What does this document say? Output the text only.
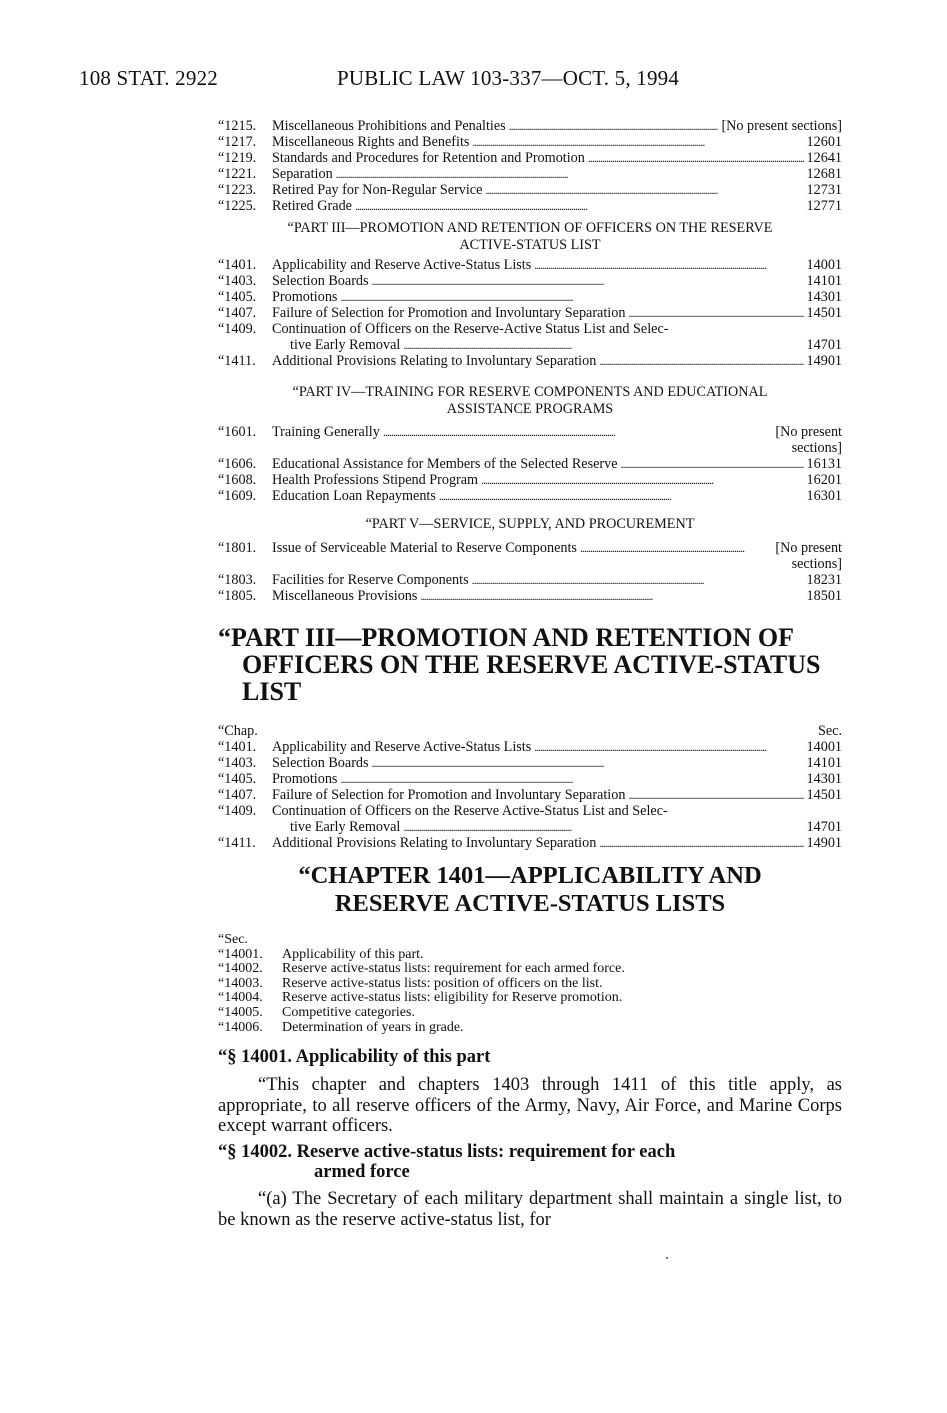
108 STAT. 2922	PUBLIC LAW 103-337—OCT. 5, 1994
“1215.	Miscellaneous Prohibitions and Penalties . . .	[No present sections]
“1217.	Miscellaneous Rights and Benefits . . .	12601
“1219.	Standards and Procedures for Retention and Promotion . . .	12641
“1221.	Separation . . .	12681
“1223.	Retired Pay for Non-Regular Service . . .	12731
“1225.	Retired Grade . . .	12771
“PART III—PROMOTION AND RETENTION OF OFFICERS ON THE RESERVE
ACTIVE-STATUS LIST
“1401.	Applicability and Reserve Active-Status Lists . . .	14001
“1403.	Selection Boards . . .	14101
“1405.	Promotions . . .	14301
“1407.	Failure of Selection for Promotion and Involuntary Separation . . .	14501
“1409.	Continuation of Officers on the Reserve-Active Status List and Selec-
tive Early Removal . . .	14701
“1411.	Additional Provisions Relating to Involuntary Separation . . .	14901
“PART IV—TRAINING FOR RESERVE COMPONENTS AND EDUCATIONAL
ASSISTANCE PROGRAMS
“1601.	Training Generally . . .	[No present
sections]
“1606.	Educational Assistance for Members of the Selected Reserve . . .	16131
“1608.	Health Professions Stipend Program . . .	16201
“1609.	Education Loan Repayments . . .	16301
“PART V—SERVICE, SUPPLY, AND PROCUREMENT
“1801.	Issue of Serviceable Material to Reserve Components . . .	[No present
sections]
“1803.	Facilities for Reserve Components . . .	18231
“1805.	Miscellaneous Provisions . . .	18501
“PART III—PROMOTION AND RETENTION OF
OFFICERS ON THE RESERVE ACTIVE-STATUS
LIST
“Chap.	Sec.
“1401.	Applicability and Reserve Active-Status Lists . . .	14001
“1403.	Selection Boards . . .	14101
“1405.	Promotions . . .	14301
“1407.	Failure of Selection for Promotion and Involuntary Separation . . .	14501
“1409.	Continuation of Officers on the Reserve Active-Status List and Selec-
tive Early Removal . . .	14701
“1411.	Additional Provisions Relating to Involuntary Separation . . .	14901
“CHAPTER 1401—APPLICABILITY AND
RESERVE ACTIVE-STATUS LISTS
“Sec.
“14001.	Applicability of this part.
“14002.	Reserve active-status lists: requirement for each armed force.
“14003.	Reserve active-status lists: position of officers on the list.
“14004.	Reserve active-status lists: eligibility for Reserve promotion.
“14005.	Competitive categories.
“14006.	Determination of years in grade.
“§ 14001. Applicability of this part

“This chapter and chapters 1403 through 1411 of this title apply, as appropriate, to all reserve officers of the Army, Navy, Air Force, and Marine Corps except warrant officers.

“§ 14002. Reserve active-status lists: requirement for each
armed force

“(a) The Secretary of each military department shall maintain a single list, to be known as the reserve active-status list, for
